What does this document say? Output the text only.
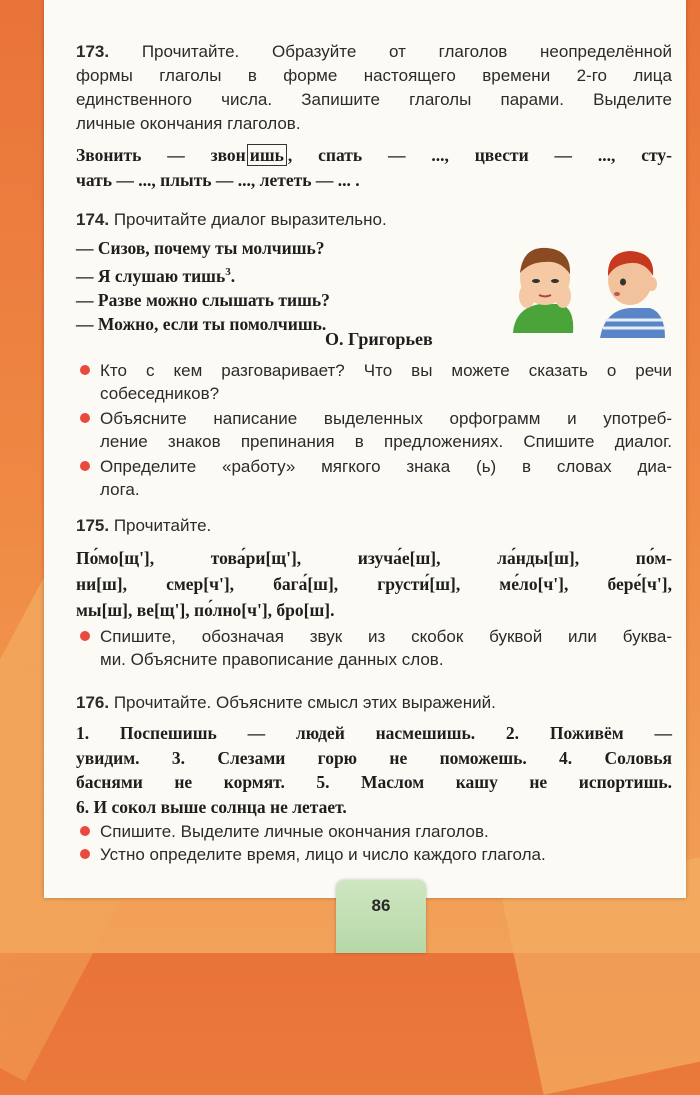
173. Прочитайте. Образуйте от глаголов неопределённой
формы глаголы в форме настоящего времени 2-го лица
единственного числа. Запишите глаголы парами. Выделите
личные окончания глаголов.
Звонить — звон ишь , спать — ..., цвести — ..., сту-
чать — ..., плыть — ..., лететь — ... .
174. Прочитайте диалог выразительно.
— Сизов, почему ты молчишь?
— Я слушаю тишь$^3$.
— Разве можно слышать тишь?
— Можно, если ты помолчишь.
О. Григорьев
Кто с кем разговаривает? Что вы можете сказать о речи
собеседников?
Объясните написание выделенных орфограмм и употреб-
ление знаков препинания в предложениях. Спишите диалог.
Определите «работу» мягкого знака (ь) в словах диа-
лога.
175. Прочитайте.
По́мо[щ'], това́ри[щ'], изуча́е[ш], ла́нды[ш], по́м-
ни[ш], смер[ч'], бага́[ш], грусти́[ш], ме́ло[ч'], бере́[ч'],
мы[ш], ве[щ'], по́лно[ч'], бро[ш].
Спишите, обозначая звук из скобок буквой или буква-
ми. Объясните правописание данных слов.
176. Прочитайте. Объясните смысл этих выражений.
1. Поспешишь — людей насмешишь. 2. Поживём —
увидим. 3. Слезами горю не поможешь. 4. Соловья
баснями не кормят. 5. Маслом кашу не испортишь.
6. И сокол выше солнца не летает.
Спишите. Выделите личные окончания глаголов.
Устно определите время, лицо и число каждого глагола.
86
